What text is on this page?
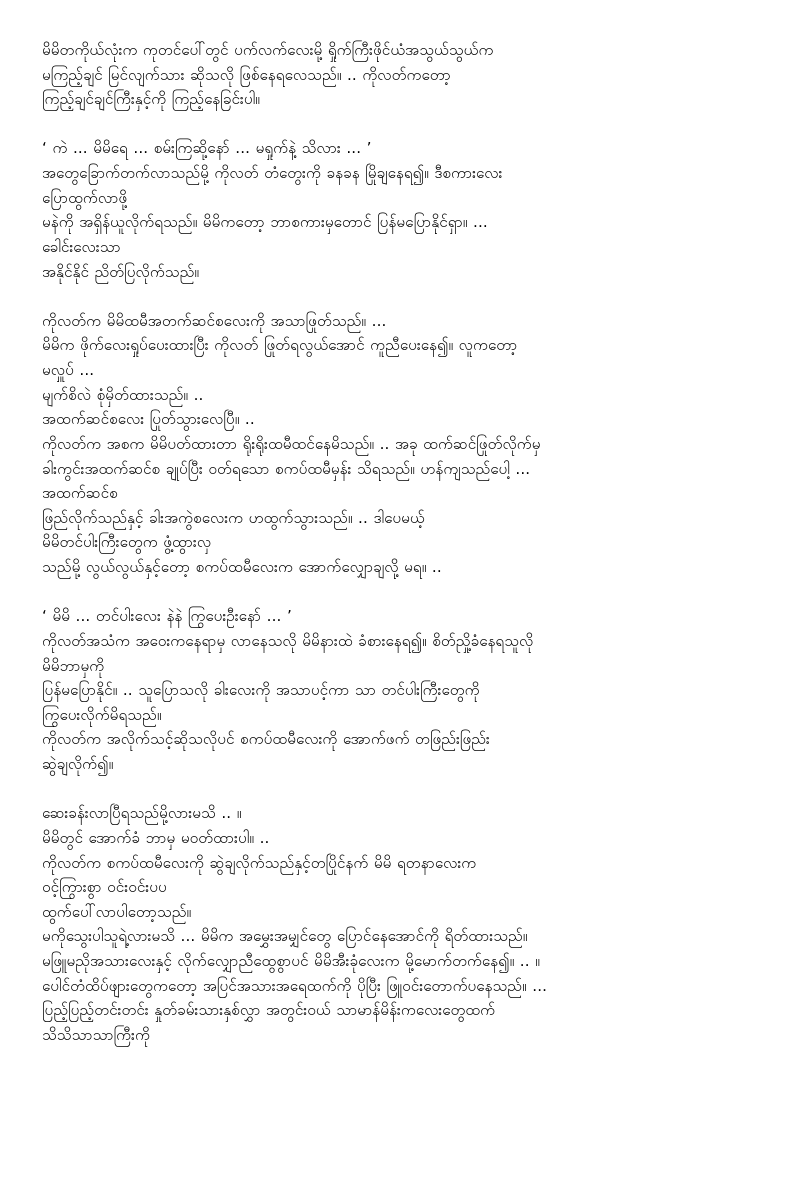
မိမိတကိုယ်လုံးက ကုတင်ပေါ်တွင် ပက်လက်လေးမို့ ရှိုက်ကြီးဖိုင်ယံအသွယ်သွယ်က
မကြည့်ချင် မြင်လျက်သား ဆိုသလို ဖြစ်နေရလေသည်။ .. ကိုလတ်ကတော့
ကြည့်ချင်ချင်ကြီးနှင့်ကို ကြည့်နေခြင်းပါ။
‘ ကဲ ... မိမိရေ ... စမ်းကြဆို့နော် ... မရှုက်နဲ့ သိလား ... ’
အတွေခြောက်တက်လာသည်မို့ ကိုလတ် တံတွေးကို ခနခန မြိုချနေရ၍။ ဒီစကားလေး
ပြောထွက်လာဖို့
မနဲကို အရှိန်ယူလိုက်ရသည်။ မိမိကတော့ ဘာစကားမှတောင် ပြန်မပြောနိုင်ရှာ။ ...
ခေါင်းလေးသာ
အနိုင်နိုင် ညိတ်ပြလိုက်သည်။
ကိုလတ်က မိမိထမီအတက်ဆင်စလေးကို အသာဖြုတ်သည်။ ...
မိမိက ဖိုက်လေးရှုပ်ပေးထားပြီး ကိုလတ် ဖြုတ်ရလွယ်အောင် ကူညီပေးနေ၍။ လူကတော့
မလှူပ် ...
မျက်စိလဲ စုံမှိတ်ထားသည်။ ..
အထက်ဆင်စလေး ပြုတ်သွားလေပြီ။ ..
ကိုလတ်က အစက မိမိပတ်ထားတာ ရိုးရိုးထမီထင်နေမိသည်။ .. အခု ထက်ဆင်ဖြုတ်လိုက်မှ
ခါးကွင်းအထက်ဆင်စ ချုပ်ပြီး ဝတ်ရသော စကပ်ထမီမှန်း သိရသည်။ ဟန်ကျသည်ပေါ့ ...
အထက်ဆင်စ
ဖြည်လိုက်သည်နှင့် ခါးအကွဲစလေးက ဟထွက်သွားသည်။ .. ဒါပေမယ့်
မိမိတင်ပါးကြီးတွေက ဖွံ့ထွားလှ
သည်မို့ လွယ်လွယ်နှင့်တော့ စကပ်ထမီလေးက အောက်လျှောချလို့ မရ။ ..
‘ မိမိ ... တင်ပါးလေး နဲနဲ ကြွပေးဦးနော် ... ’
ကိုလတ်အသံက အဝေးကနေရာမှ လာနေသလို မိမိနားထဲ ခံစားနေရ၍။ စိတ်ညှို့ခံနေရသူလို
မိမိဘာမှကို
ပြန်မပြောနိုင်။ .. သူပြောသလို ခါးလေးကို အသာပင့်ကာ သာ တင်ပါးကြီးတွေကို
ကြွပေးလိုက်မိရသည်။
ကိုလတ်က အလိုက်သင့်ဆိုသလိုပင် စကပ်ထမီလေးကို အောက်ဖက် တဖြည်းဖြည်း
ဆွဲချလိုက်၍။
ဆေးခန်းလာပြီရသည်မို့လားမသိ .. ။
မိမိတွင် အောက်ခံ ဘာမှ မဝတ်ထားပါ။ ..
ကိုလတ်က စကပ်ထမီလေးကို ဆွဲချလိုက်သည်နှင့်တပြိုင်နက် မိမိ ရတနာလေးက
ဝင့်ကြွားစွာ ဝင်းဝင်းပပ
ထွက်ပေါ်လာပါတော့သည်။
မကိုသွေးပါသူရဲ့လားမသိ ... မိမိက အမွှေးအမျှင်တွေ ပြောင်နေအောင်ကို ရိတ်ထားသည်။
မဖြူမညိုအသားလေးနှင့် လိုက်လျှောညီထွေစွာပင် မိမိအီးခုံလေးက မို့မောက်တက်နေ၍။ .. ။
ပေါင်တံထိပ်ဖျားတွေကတော့ အပြင်အသားအရေထက်ကို ပိုပြီး ဖြူဝင်းတောက်ပနေသည်။ ...
ပြည့်ပြည့်တင်းတင်း နှုတ်ခမ်းသားနှစ်လွှာ အတွင်းဝယ် သာမာန်မိန်းကလေးတွေထက်
သိသိသာသာကြီးကို
